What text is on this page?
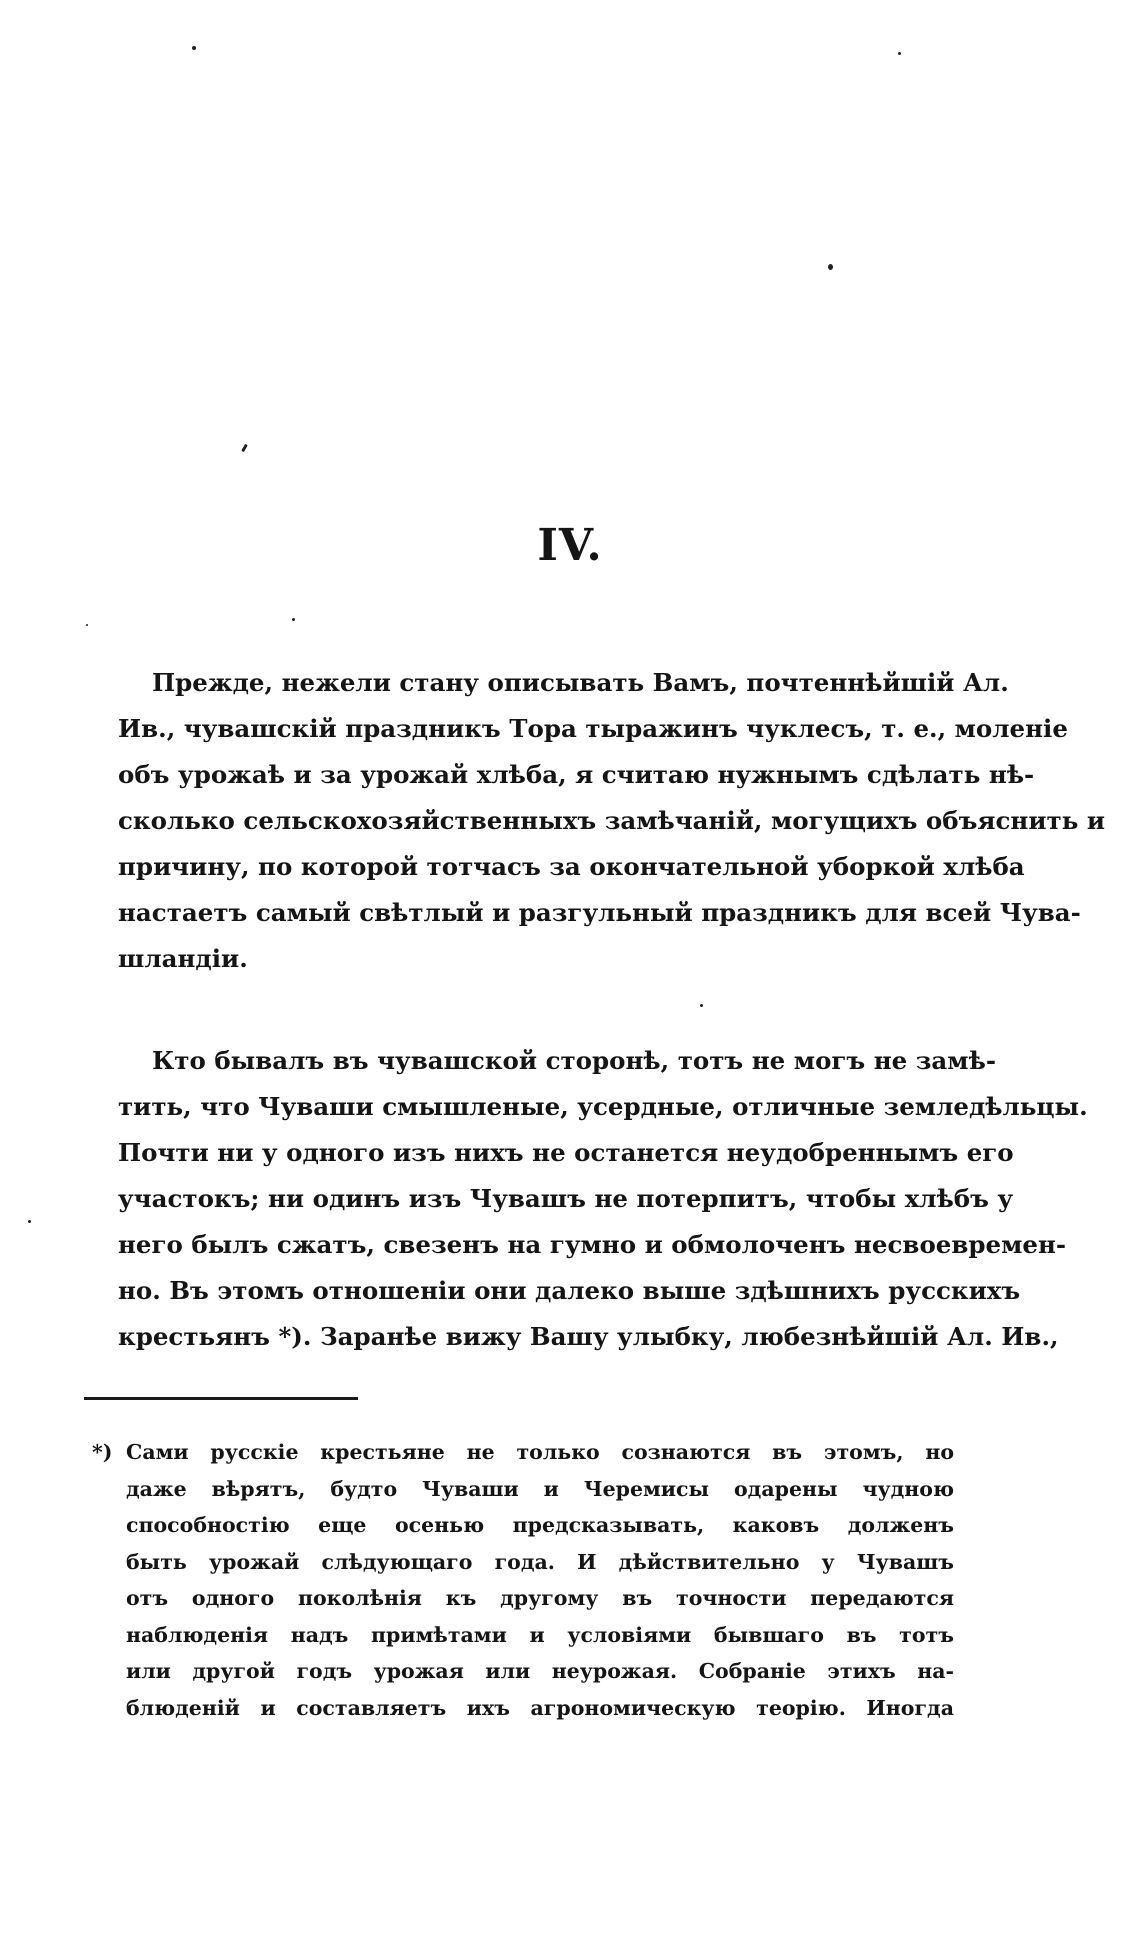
IV.
Прежде, нежели стану описывать Вамъ, почтеннѣйшій Ал.
Ив., чувашскій праздникъ Тора тыражинъ чуклесъ, т. е., моленіе
объ урожаѣ и за урожай хлѣба, я считаю нужнымъ сдѣлать нѣ-
сколько сельскохозяйственныхъ замѣчаній, могущихъ объяснить и
причину, по которой тотчасъ за окончательной уборкой хлѣба
настаетъ самый свѣтлый и разгульный праздникъ для всей Чува-
шландіи.
Кто бывалъ въ чувашской сторонѣ, тотъ не могъ не замѣ-
тить, что Чуваши смышленые, усердные, отличные земледѣльцы.
Почти ни у одного изъ нихъ не останется неудобреннымъ его
участокъ; ни одинъ изъ Чувашъ не потерпитъ, чтобы хлѣбъ у
него былъ сжатъ, свезенъ на гумно и обмолоченъ несвоевремен-
но. Въ этомъ отношеніи они далеко выше здѣшнихъ русскихъ
крестьянъ *). Заранѣе вижу Вашу улыбку, любезнѣйшій Ал. Ив.,
*) Сами русскіе крестьяне не только сознаются въ этомъ, но
даже вѣрятъ, будто Чуваши и Черемисы одарены чудною
способностію еще осенью предсказывать, каковъ долженъ
быть урожай слѣдующаго года. И дѣйствительно у Чувашъ
отъ одного поколѣнія къ другому въ точности передаются
наблюденія надъ примѣтами и условіями бывшаго въ тотъ
или другой годъ урожая или неурожая. Собраніе этихъ на-
блюденій и составляетъ ихъ агрономическую теорію. Иногда
